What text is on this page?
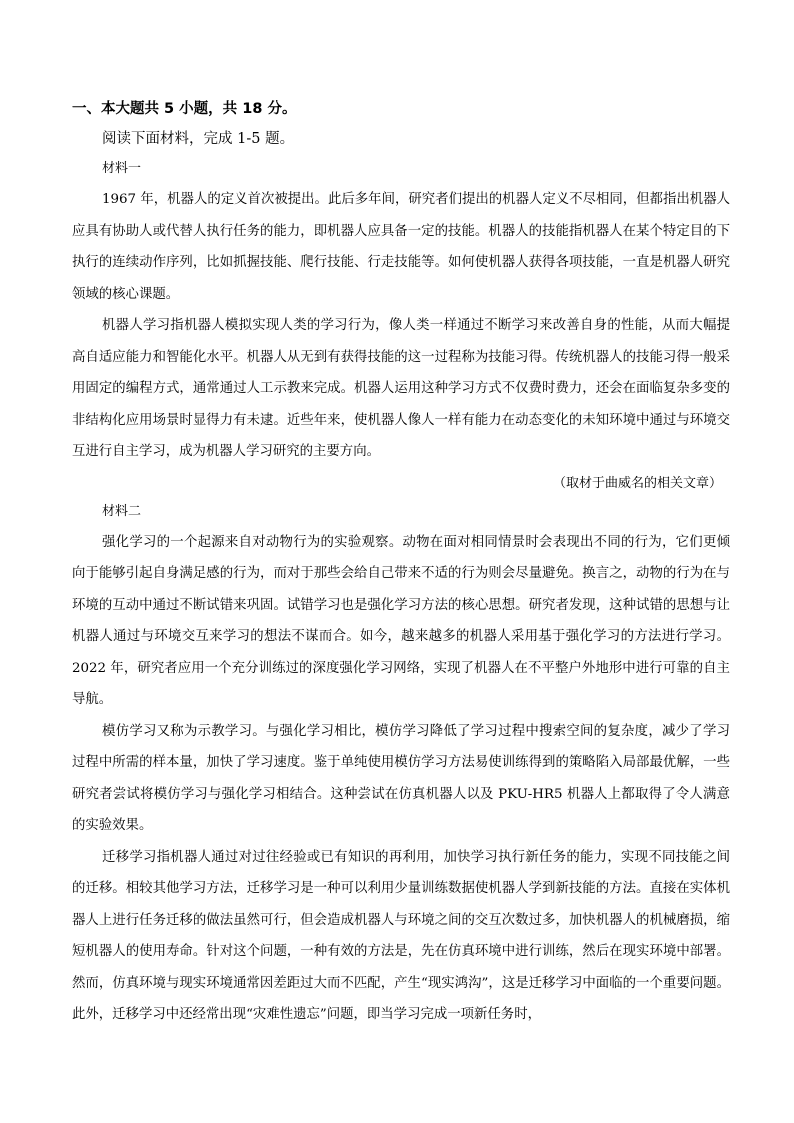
一、本大题共 5 小题，共 18 分。

阅读下面材料，完成 1-5 题。

材料一

1967 年，机器人的定义首次被提出。此后多年间，研究者们提出的机器人定义不尽相同，但都指出机器人应具有协助人或代替人执行任务的能力，即机器人应具备一定的技能。机器人的技能指机器人在某个特定目的下执行的连续动作序列，比如抓握技能、爬行技能、行走技能等。如何使机器人获得各项技能，一直是机器人研究领域的核心课题。

机器人学习指机器人模拟实现人类的学习行为，像人类一样通过不断学习来改善自身的性能，从而大幅提高自适应能力和智能化水平。机器人从无到有获得技能的这一过程称为技能习得。传统机器人的技能习得一般采用固定的编程方式，通常通过人工示教来完成。机器人运用这种学习方式不仅费时费力，还会在面临复杂多变的非结构化应用场景时显得力有未逮。近些年来，使机器人像人一样有能力在动态变化的未知环境中通过与环境交互进行自主学习，成为机器人学习研究的主要方向。

（取材于曲威名的相关文章）

材料二

强化学习的一个起源来自对动物行为的实验观察。动物在面对相同情景时会表现出不同的行为，它们更倾向于能够引起自身满足感的行为，而对于那些会给自己带来不适的行为则会尽量避免。换言之，动物的行为在与环境的互动中通过不断试错来巩固。试错学习也是强化学习方法的核心思想。研究者发现，这种试错的思想与让机器人通过与环境交互来学习的想法不谋而合。如今，越来越多的机器人采用基于强化学习的方法进行学习。2022 年，研究者应用一个充分训练过的深度强化学习网络，实现了机器人在不平整户外地形中进行可靠的自主导航。

模仿学习又称为示教学习。与强化学习相比，模仿学习降低了学习过程中搜索空间的复杂度，减少了学习过程中所需的样本量，加快了学习速度。鉴于单纯使用模仿学习方法易使训练得到的策略陷入局部最优解，一些研究者尝试将模仿学习与强化学习相结合。这种尝试在仿真机器人以及 PKU-HR5 机器人上都取得了令人满意的实验效果。

迁移学习指机器人通过对过往经验或已有知识的再利用，加快学习执行新任务的能力，实现不同技能之间的迁移。相较其他学习方法，迁移学习是一种可以利用少量训练数据使机器人学到新技能的方法。直接在实体机器人上进行任务迁移的做法虽然可行，但会造成机器人与环境之间的交互次数过多，加快机器人的机械磨损，缩短机器人的使用寿命。针对这个问题，一种有效的方法是，先在仿真环境中进行训练，然后在现实环境中部署。然而，仿真环境与现实环境通常因差距过大而不匹配，产生“现实鸿沟”，这是迁移学习中面临的一个重要问题。此外，迁移学习中还经常出现“灾难性遗忘”问题，即当学习完成一项新任务时，
